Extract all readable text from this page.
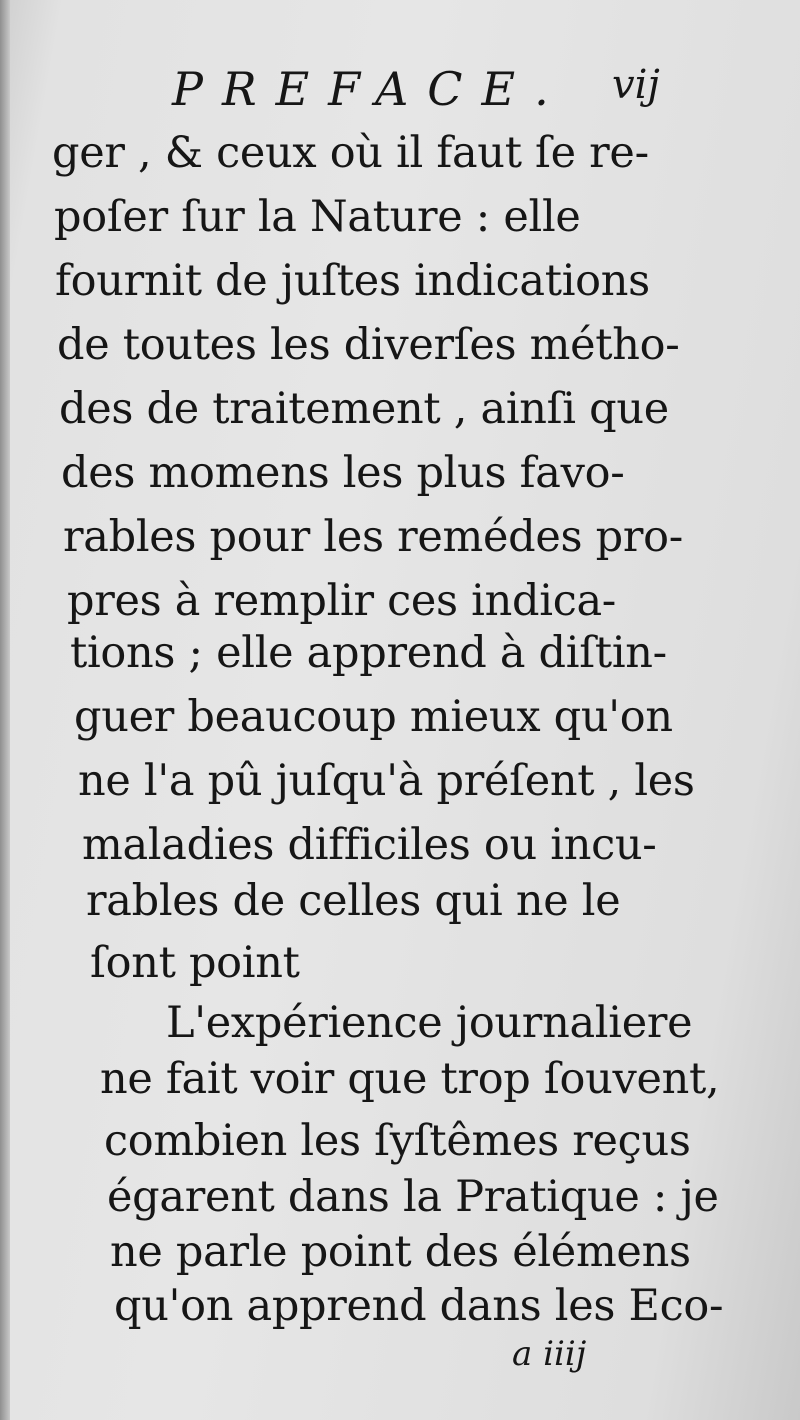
PREFACE. vij

ger , & ceux où il faut ſe re-

poſer ſur la Nature : elle

fournit de juſtes indications

de toutes les diverſes métho-

des de traitement , ainſi que

des momens les plus favo-

rables pour les remédes pro-

pres à remplir ces indica-

tions ; elle apprend à diſtin-

guer beaucoup mieux qu'on

ne l'a pû juſqu'à préſent , les

maladies difficiles ou incu-

rables de celles qui ne le

ſont point

L'expérience journaliere

ne fait voir que trop ſouvent,

combien les ſyſtêmes reçus

égarent dans la Pratique : je

ne parle point des élémens

qu'on apprend dans les Eco-

a iiij
